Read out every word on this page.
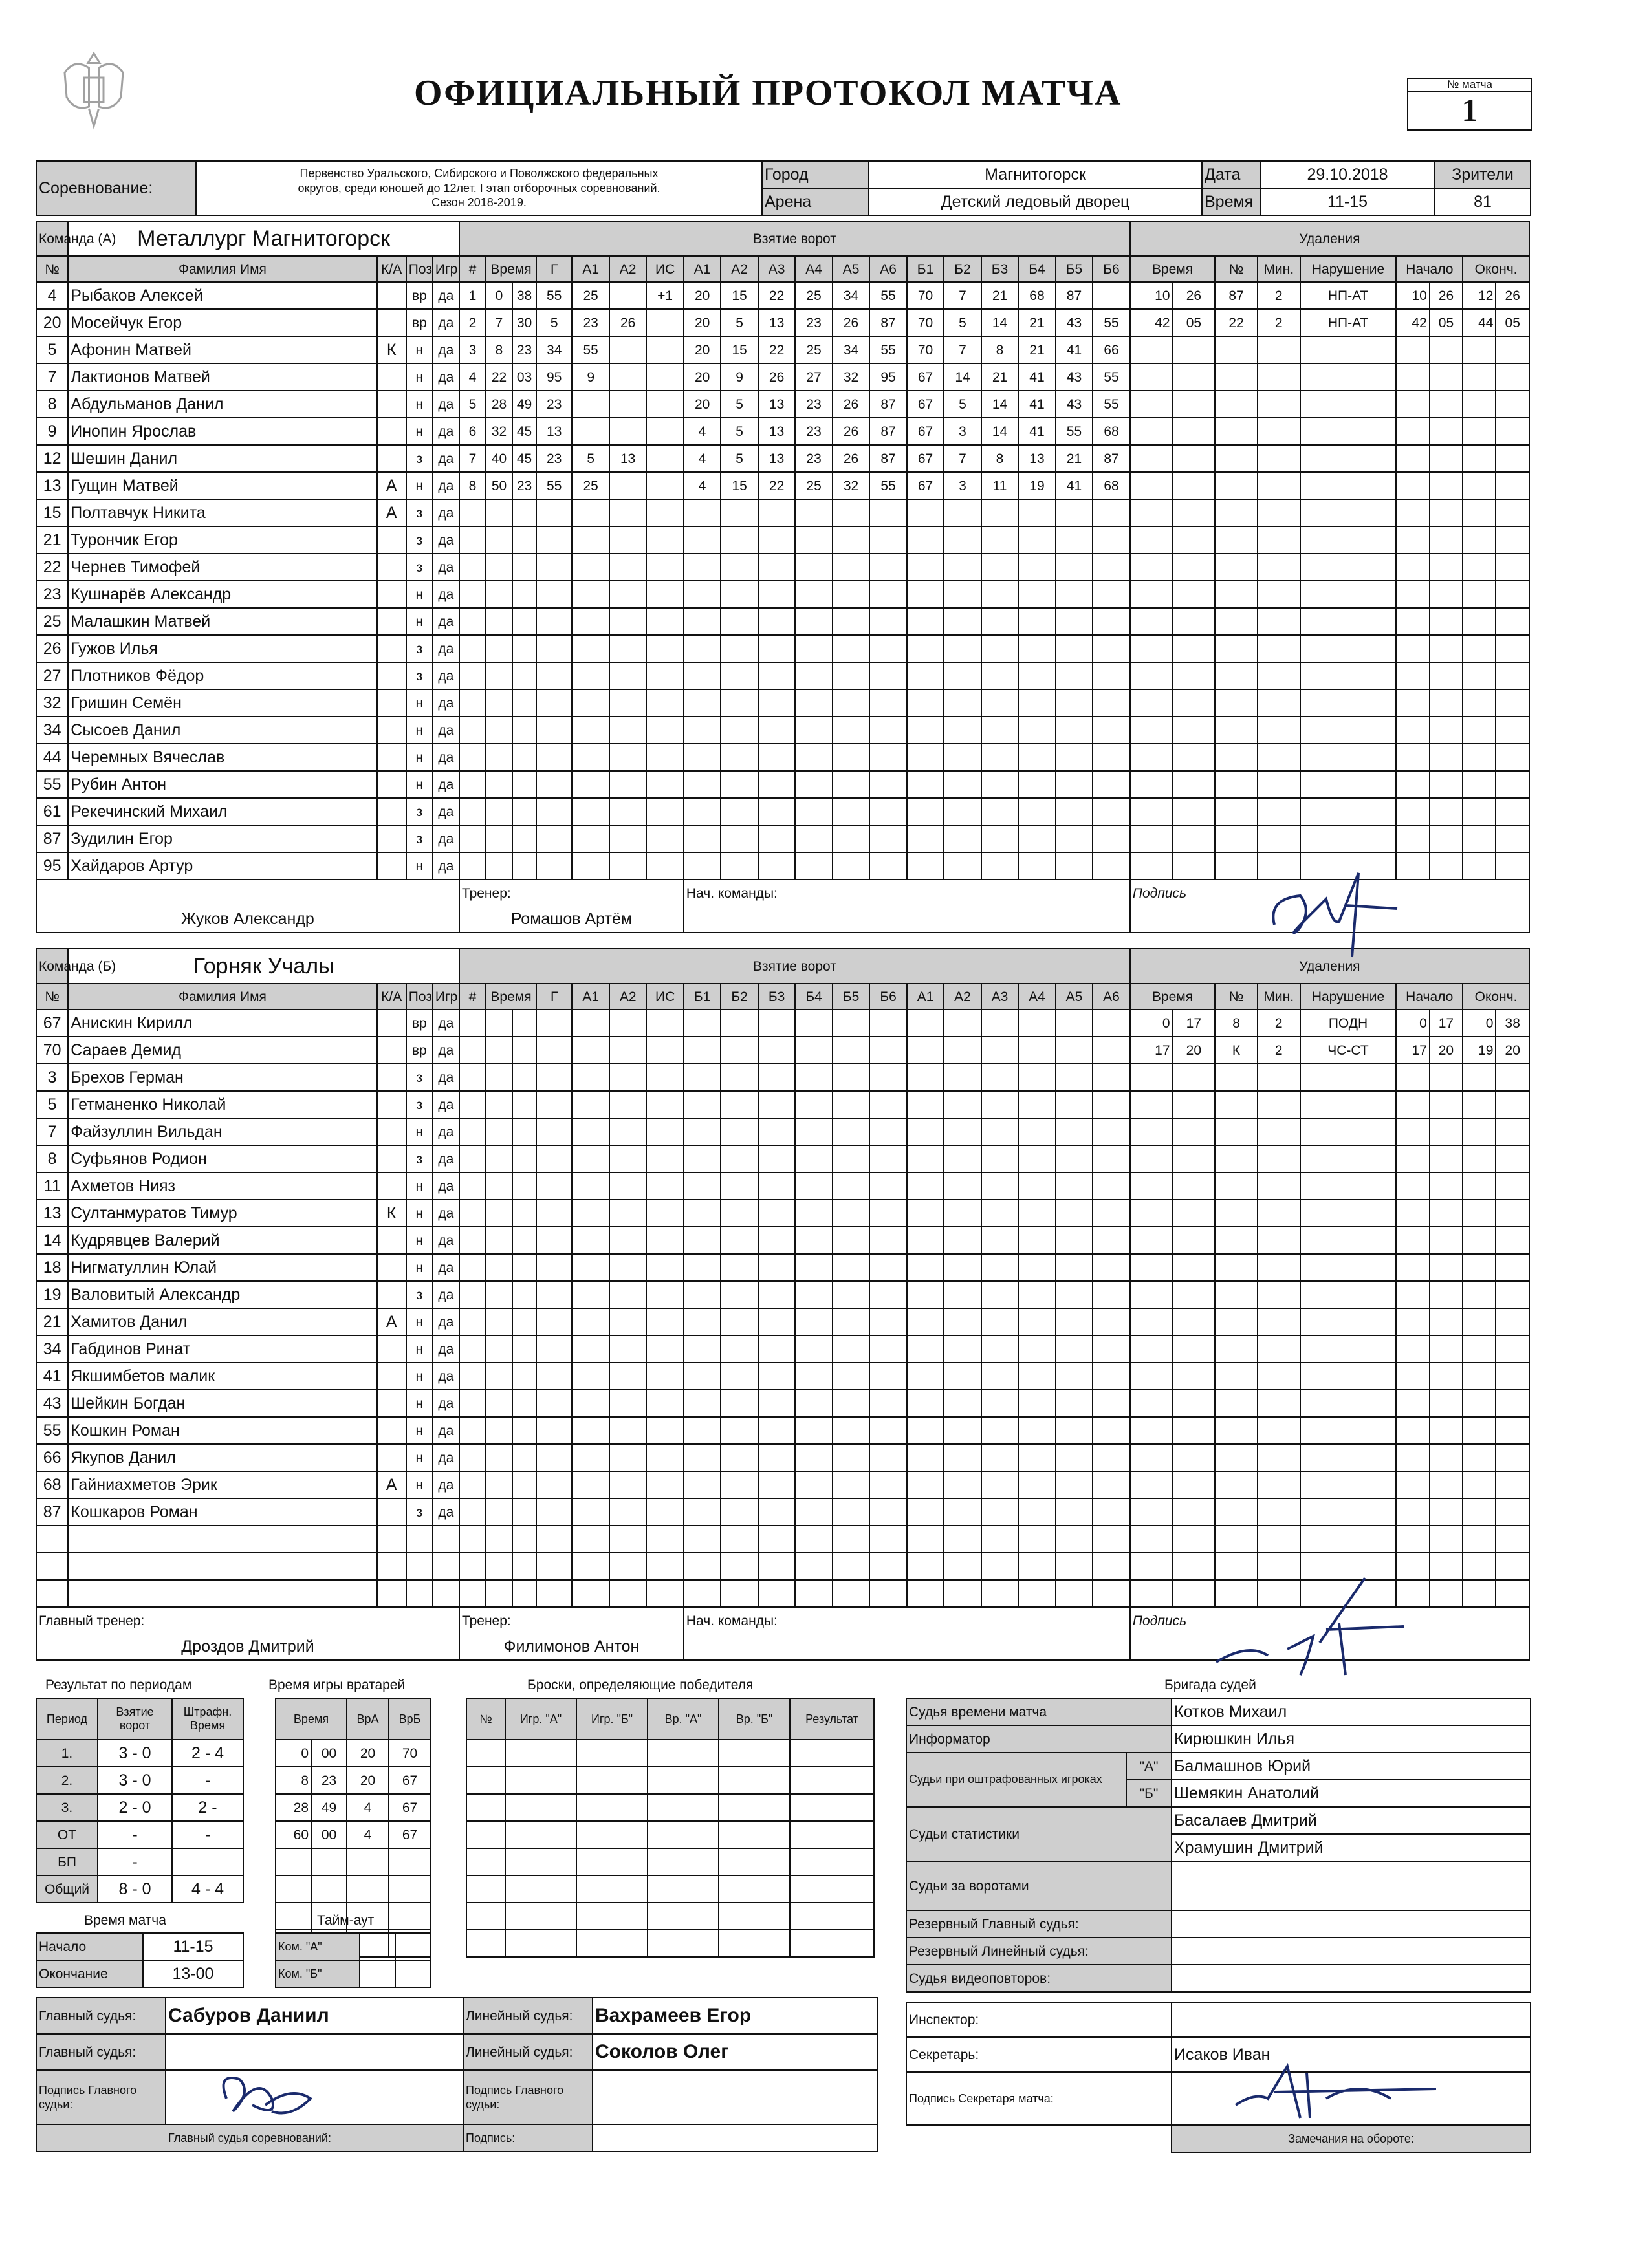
ОФИЦИАЛЬНЫЙ ПРОТОКОЛ МАТЧА	№ матча
1
Соревнование:	Первенство Уральского, Сибирского и Поволжского федеральных
округов, среди юношей до 12лет. I этап отборочных соревнований.
Сезон 2018-2019.	Город	Магнитогорск	Дата	29.10.2018	Зрители
		Арена	Детский ледовый дворец	Время	11-15	81
Команда (А)	Металлург Магнитогорск				Взятие ворот																			Удаления								
№	Фамилия Имя	К/А	Поз	Игр	#	Время		Г	А1	А2	ИС	А1	А2	А3	А4	А5	А6	Б1	Б2	Б3	Б4	Б5	Б6	Время		№	Мин.	Нарушение	Начало		Оконч.	
4	Рыбаков Алексей		вр	да	1	0	38	55	25		+1	20	15	22	25	34	55	70	7	21	68	87		10	26	87	2	НП-АТ	10	26	12	26
20	Мосейчук Егор		вр	да	2	7	30	5	23	26		20	5	13	23	26	87	70	5	14	21	43	55	42	05	22	2	НП-АТ	42	05	44	05
5	Афонин Матвей	К	н	да	3	8	23	34	55			20	15	22	25	34	55	70	7	8	21	41	66									
7	Лактионов Матвей		н	да	4	22	03	95	9			20	9	26	27	32	95	67	14	21	41	43	55									
8	Абдульманов Данил		н	да	5	28	49	23				20	5	13	23	26	87	67	5	14	41	43	55									
9	Инопин Ярослав		н	да	6	32	45	13				4	5	13	23	26	87	67	3	14	41	55	68									
12	Шешин Данил		з	да	7	40	45	23	5	13		4	5	13	23	26	87	67	7	8	13	21	87									
13	Гущин Матвей	А	н	да	8	50	23	55	25			4	15	22	25	32	55	67	3	11	19	41	68									
15	Полтавчук Никита	А	з	да																												
21	Турончик Егор		з	да																												
22	Чернев Тимофей		з	да																												
23	Кушнарёв Александр		н	да																												
25	Малашкин Матвей		н	да																												
26	Гужов Илья		з	да																												
27	Плотников Фёдор		з	да																												
32	Гришин Семён		н	да																												
34	Сысоев Данил		н	да																												
44	Черемных Вячеслав		н	да																												
55	Рубин Антон		н	да																												
61	Рекечинский Михаил		з	да																												
87	Зудилин Егор		з	да																												
95	Хайдаров Артур		н	да																												
					Тренер:							Нач. команды:												Подпись								
Жуков Александр					Ромашов Артём																											
Команда (Б)	Горняк Учалы				Взятие ворот																			Удаления								
№	Фамилия Имя	К/А	Поз	Игр	#	Время		Г	А1	А2	ИС	Б1	Б2	Б3	Б4	Б5	Б6	А1	А2	А3	А4	А5	А6	Время		№	Мин.	Нарушение	Начало		Оконч.	
67	Анискин Кирилл		вр	да																				0	17	8	2	ПОДН	0	17	0	38
70	Сараев Демид		вр	да																				17	20	К	2	ЧС-СТ	17	20	19	20
3	Брехов Герман		з	да																												
5	Гетманенко Николай		з	да																												
7	Файзуллин Вильдан		н	да																												
8	Суфьянов Родион		з	да																												
11	Ахметов Нияз		н	да																												
13	Султанмуратов Тимур	К	н	да																												
14	Кудрявцев Валерий		н	да																												
18	Нигматуллин Юлай		н	да																												
19	Валовитый Александр		з	да																												
21	Хамитов Данил	А	н	да																												
34	Габдинов Ринат		н	да																												
41	Якшимбетов малик		н	да																												
43	Шейкин Богдан		н	да																												
55	Кошкин Роман		н	да																												
66	Якупов Данил		н	да																												
68	Гайниахметов Эрик	А	н	да																												
87	Кошкаров Роман		з	да																												

Главный тренер:					Тренер:							Нач. команды:												Подпись								
Дроздов Дмитрий					Филимонов Антон																											
Результат по периодам	Время игры вратарей	Броски, определяющие победителя	Бригада судей
Период	Взятие ворот	Штрафн. Время
1.	3 - 0	2 - 4
2.	3 - 0	-
3.	2 - 0	2 -
ОТ	-	-
БП	-	
Общий	8 - 0	4 - 4
Время		ВрА	ВрБ
0	00	20	70
8	23	20	67
28	49	4	67
60	00	4	67

№	Игр. "А"	Игр. "Б"	Вр. "А"	Вр. "Б"	Результат

						Судья времени матча		Котков Михаил
Информатор		Кирюшкин Илья
Судьи при оштрафованных игроках	"А"	Балмашнов Юрий
	"Б"	Шемякин Анатолий
Судьи статистики		Басалаев Дмитрий
		Храмушин Дмитрий
Судьи за воротами		
Резервный Главный судья:		
Резервный Линейный судья:		
Судья видеоповторов:		
Время матча
Начало	11-15
Окончание	13-00
Тайм-аут
Ком. "А"		
Ком. "Б"		
Главный судья:	Сабуров Даниил	Линейный судья:	Вахрамеев Егор
Главный судья:		Линейный судья:	Соколов Олег
Подпись Главного судьи:		Подпись Главного судьи:	
Главный судья соревнований:		Подпись:	
Инспектор:	
Секретарь:	Исаков Иван
Подпись Секретаря матча:	
	Замечания на обороте:
